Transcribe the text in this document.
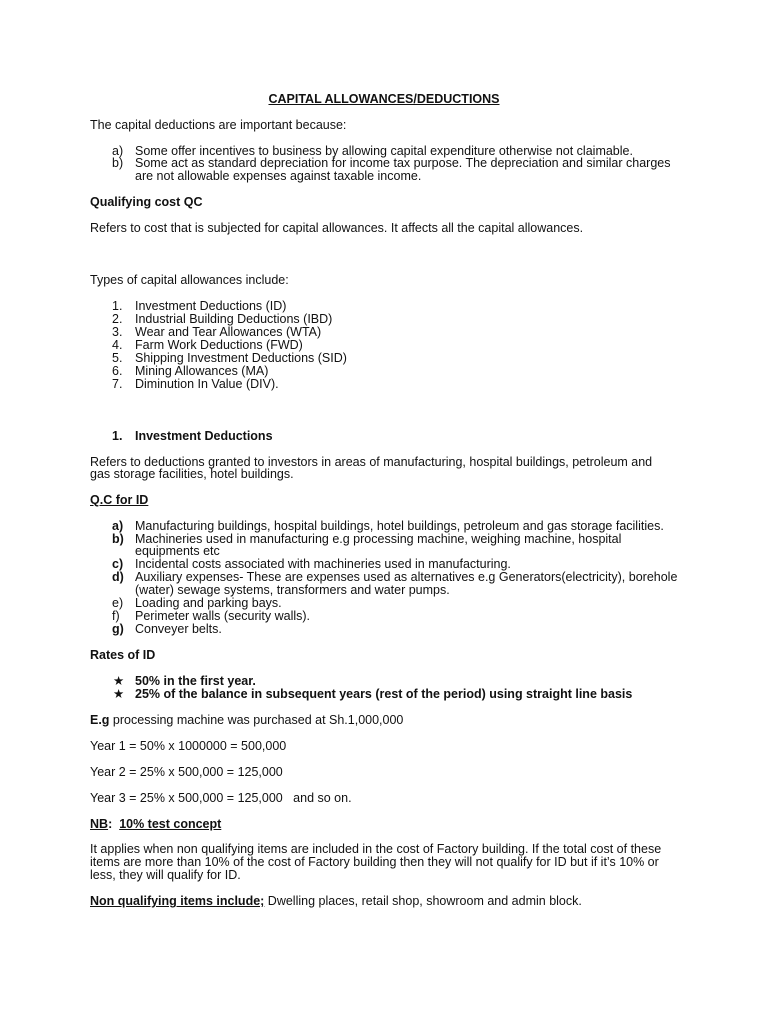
CAPITAL ALLOWANCES/DEDUCTIONS
The capital deductions are important because:
a) Some offer incentives to business by allowing capital expenditure otherwise not claimable.
b) Some act as standard depreciation for income tax purpose. The depreciation and similar charges
are not allowable expenses against taxable income.
Qualifying cost QC
Refers to cost that is subjected for capital allowances. It affects all the capital allowances.
Types of capital allowances include:
1. Investment Deductions (ID)
2. Industrial Building Deductions (IBD)
3. Wear and Tear Allowances (WTA)
4. Farm Work Deductions (FWD)
5. Shipping Investment Deductions (SID)
6. Mining Allowances (MA)
7. Diminution In Value (DIV).
1. Investment Deductions
Refers to deductions granted to investors in areas of manufacturing, hospital buildings, petroleum and
gas storage facilities, hotel buildings.
Q.C for ID
a) Manufacturing buildings, hospital buildings, hotel buildings, petroleum and gas storage facilities.
b) Machineries used in manufacturing e.g processing machine, weighing machine, hospital
equipments etc
c) Incidental costs associated with machineries used in manufacturing.
d) Auxiliary expenses- These are expenses used as alternatives e.g Generators(electricity), borehole
(water) sewage systems, transformers and water pumps.
e) Loading and parking bays.
f) Perimeter walls (security walls).
g) Conveyer belts.
Rates of ID
★ 50% in the first year.
★ 25% of the balance in subsequent years (rest of the period) using straight line basis
E.g processing machine was purchased at Sh.1,000,000
Year 1 = 50% x 1000000 = 500,000
Year 2 = 25% x 500,000 = 125,000
Year 3 = 25% x 500,000 = 125,000   and so on.
NB: 10% test concept
It applies when non qualifying items are included in the cost of Factory building. If the total cost of these
items are more than 10% of the cost of Factory building then they will not qualify for ID but if it’s 10% or
less, they will qualify for ID.
Non qualifying items include; Dwelling places, retail shop, showroom and admin block.
